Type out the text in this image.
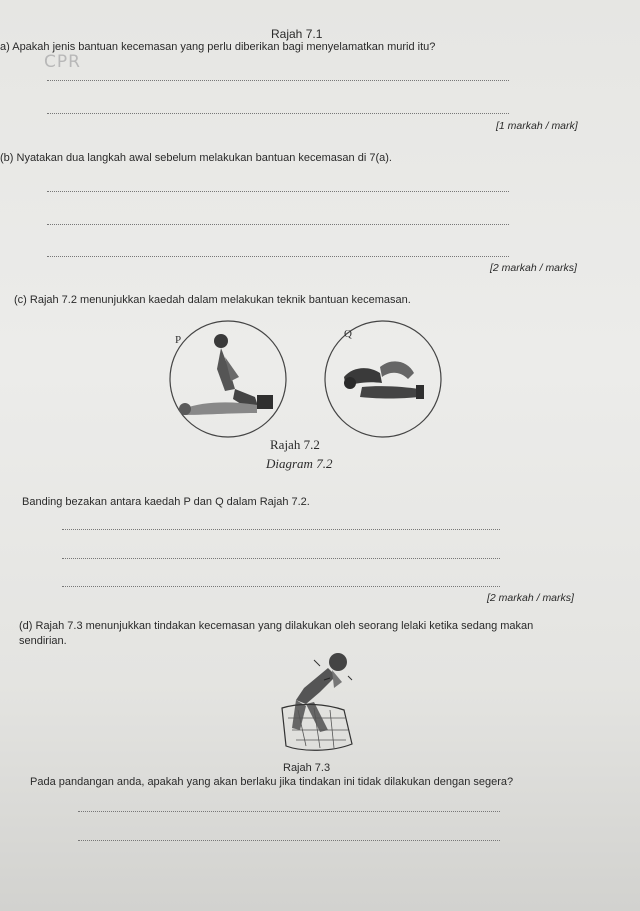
Rajah 7.1
a) Apakah jenis bantuan kecemasan yang perlu diberikan bagi menyelamatkan murid itu?
CPR
[1 markah / mark]
(b) Nyatakan dua langkah awal sebelum melakukan bantuan kecemasan di 7(a).
[2 markah / marks]
(c) Rajah 7.2 menunjukkan kaedah dalam melakukan teknik bantuan kecemasan.
P	Q
Rajah 7.2
Diagram 7.2
Banding bezakan antara kaedah P dan Q dalam Rajah 7.2.
[2 markah / marks]
(d) Rajah 7.3 menunjukkan tindakan kecemasan yang dilakukan oleh seorang lelaki ketika sedang makan
sendirian.
Rajah 7.3
Pada pandangan anda, apakah yang akan berlaku jika tindakan ini tidak dilakukan dengan segera?
